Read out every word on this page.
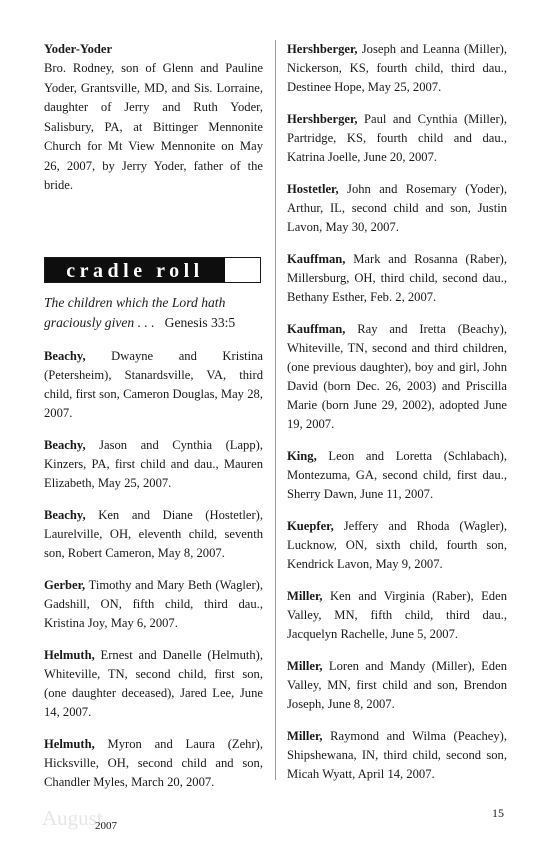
Yoder-Yoder

Bro. Rodney, son of Glenn and Pauline Yoder, Grantsville, MD, and Sis. Lorraine, daughter of Jerry and Ruth Yoder, Salisbury, PA, at Bittinger Mennonite Church for Mt View Mennonite on May 26, 2007, by Jerry Yoder, father of the bride.

cradle roll
The children which the Lord hath graciously given . . . Genesis 33:5

Beachy, Dwayne and Kristina (Petersheim), Stanardsville, VA, third child, first son, Cameron Douglas, May 28, 2007.

Beachy, Jason and Cynthia (Lapp), Kinzers, PA, first child and dau., Mauren Elizabeth, May 25, 2007.

Beachy, Ken and Diane (Hostetler), Laurelville, OH, eleventh child, seventh son, Robert Cameron, May 8, 2007.

Gerber, Timothy and Mary Beth (Wagler), Gadshill, ON, fifth child, third dau., Kristina Joy, May 6, 2007.

Helmuth, Ernest and Danelle (Helmuth), Whiteville, TN, second child, first son, (one daughter deceased), Jared Lee, June 14, 2007.

Helmuth, Myron and Laura (Zehr), Hicksville, OH, second child and son, Chandler Myles, March 20, 2007.

Hershberger, Joseph and Leanna (Miller), Nickerson, KS, fourth child, third dau., Destinee Hope, May 25, 2007.

Hershberger, Paul and Cynthia (Miller), Partridge, KS, fourth child and dau., Katrina Joelle, June 20, 2007.

Hostetler, John and Rosemary (Yoder), Arthur, IL, second child and son, Justin Lavon, May 30, 2007.

Kauffman, Mark and Rosanna (Raber), Millersburg, OH, third child, second dau., Bethany Esther, Feb. 2, 2007.

Kauffman, Ray and Iretta (Beachy), Whiteville, TN, second and third children, (one previous daughter), boy and girl, John David (born Dec. 26, 2003) and Priscilla Marie (born June 29, 2002), adopted June 19, 2007.

King, Leon and Loretta (Schlabach), Montezuma, GA, second child, first dau., Sherry Dawn, June 11, 2007.

Kuepfer, Jeffery and Rhoda (Wagler), Lucknow, ON, sixth child, fourth son, Kendrick Lavon, May 9, 2007.

Miller, Ken and Virginia (Raber), Eden Valley, MN, fifth child, third dau., Jacquelyn Rachelle, June 5, 2007.

Miller, Loren and Mandy (Miller), Eden Valley, MN, first child and son, Brendon Joseph, June 8, 2007.

Miller, Raymond and Wilma (Peachey), Shipshewana, IN, third child, second son, Micah Wyatt, April 14, 2007.

August
2007
15
